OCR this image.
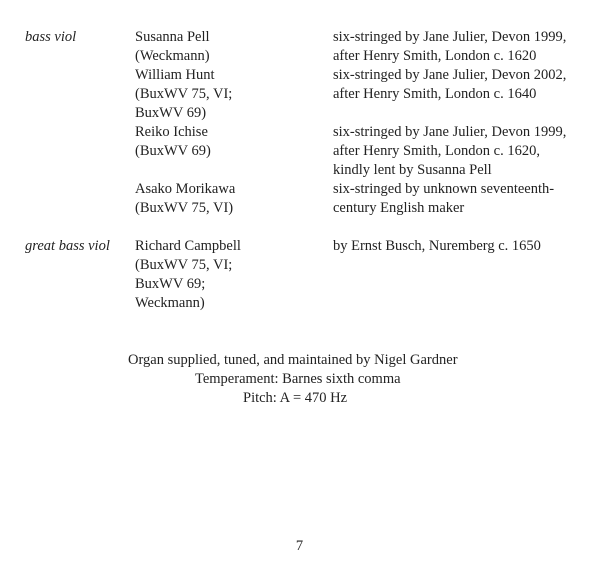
bass viol	Susanna Pell
(Weckmann)
six-stringed by Jane Julier, Devon 1999,
after Henry Smith, London c. 1620
William Hunt
(BuxWV 75, VI;
BuxWV 69)
six-stringed by Jane Julier, Devon 2002,
after Henry Smith, London c. 1640
Reiko Ichise
(BuxWV 69)
six-stringed by Jane Julier, Devon 1999,
after Henry Smith, London c. 1620,
kindly lent by Susanna Pell
Asako Morikawa
(BuxWV 75, VI)
six-stringed by unknown seventeenth-
century English maker
great bass viol Richard Campbell
(BuxWV 75, VI;
BuxWV 69;
Weckmann)
by Ernst Busch, Nuremberg c. 1650
Organ supplied, tuned, and maintained by Nigel Gardner
Temperament: Barnes sixth comma
Pitch: A = 470 Hz
7
